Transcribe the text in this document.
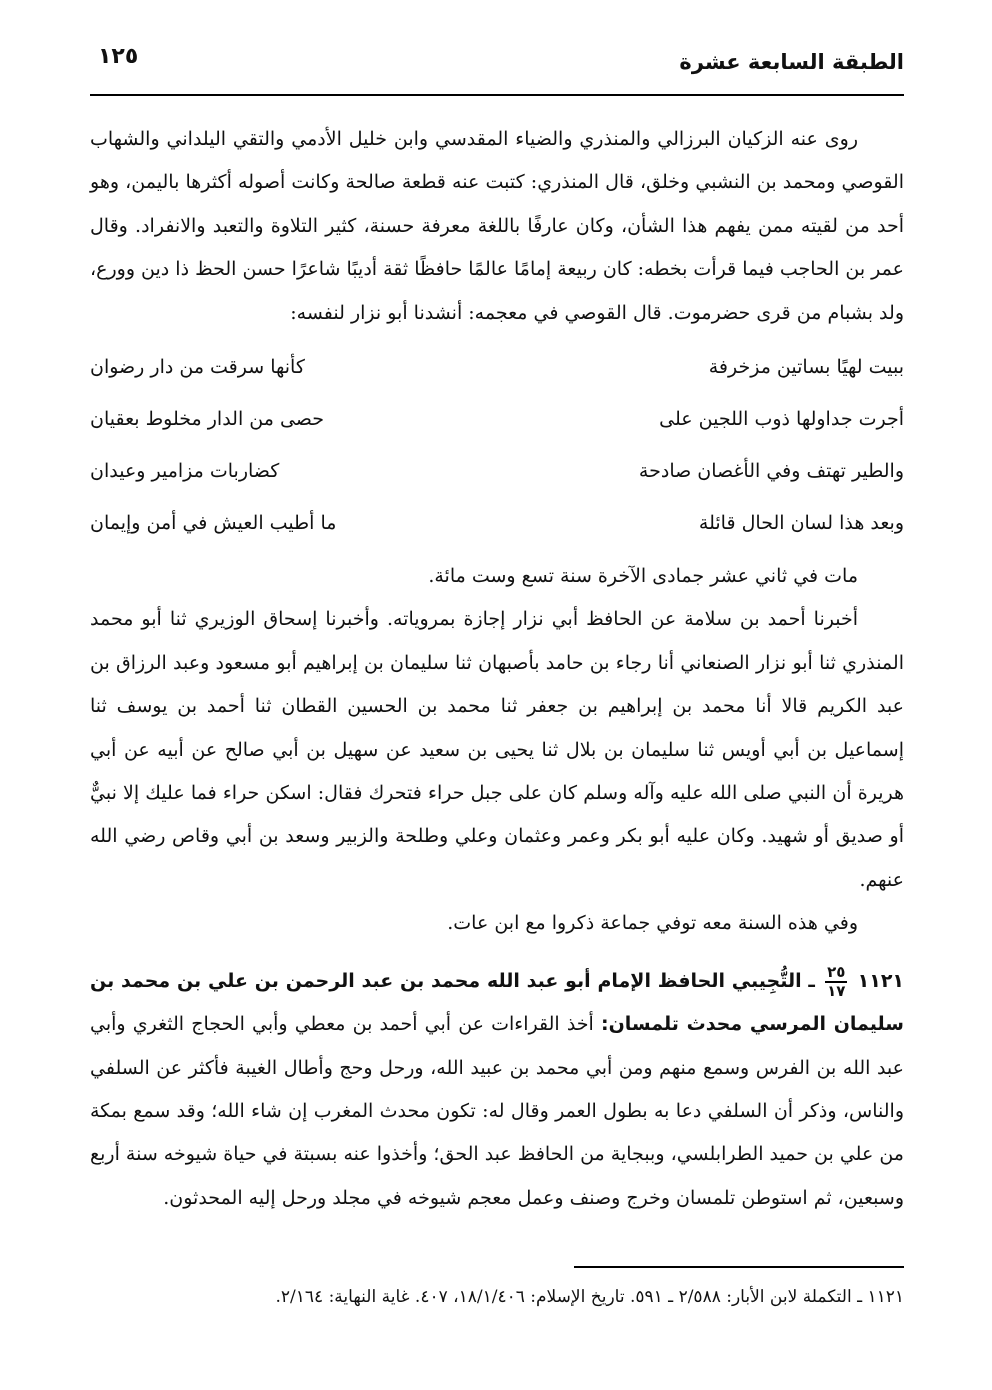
الطبقة السابعة عشرة
١٢٥

روى عنه الزكيان البرزالي والمنذري والضياء المقدسي وابن خليل الأدمي والتقي اليلداني والشهاب القوصي ومحمد بن النشبي وخلق، قال المنذري: كتبت عنه قطعة صالحة وكانت أصوله أكثرها باليمن، وهو أحد من لقيته ممن يفهم هذا الشأن، وكان عارفًا باللغة معرفة حسنة، كثير التلاوة والتعبد والانفراد. وقال عمر بن الحاجب فيما قرأت بخطه: كان ربيعة إمامًا عالمًا حافظًا ثقة أديبًا شاعرًا حسن الحظ ذا دين وورع، ولد بشبام من قرى حضرموت. قال القوصي في معجمه: أنشدنا أبو نزار لنفسه:

ببيت لهيًا بساتين مزخرفة
كأنها سرقت من دار رضوان
أجرت جداولها ذوب اللجين على
حصى من الدار مخلوط بعقيان
والطير تهتف وفي الأغصان صادحة
كضاربات مزامير وعيدان
وبعد هذا لسان الحال قائلة
ما أطيب العيش في أمن وإيمان

مات في ثاني عشر جمادى الآخرة سنة تسع وست مائة.

أخبرنا أحمد بن سلامة عن الحافظ أبي نزار إجازة بمروياته. وأخبرنا إسحاق الوزيري ثنا أبو محمد المنذري ثنا أبو نزار الصنعاني أنا رجاء بن حامد بأصبهان ثنا سليمان بن إبراهيم أبو مسعود وعبد الرزاق بن عبد الكريم قالا أنا محمد بن إبراهيم بن جعفر ثنا محمد بن الحسين القطان ثنا أحمد بن يوسف ثنا إسماعيل بن أبي أويس ثنا سليمان بن بلال ثنا يحيى بن سعيد عن سهيل بن أبي صالح عن أبيه عن أبي هريرة أن النبي صلى الله عليه وآله وسلم كان على جبل حراء فتحرك فقال: اسكن حراء فما عليك إلا نبيٌّ أو صديق أو شهيد. وكان عليه أبو بكر وعمر وعثمان وعلي وطلحة والزبير وسعد بن أبي وقاص رضي الله عنهم.

وفي هذه السنة معه توفي جماعة ذكروا مع ابن عات.

١١٢١
$\frac{٢٥}{١٧}$
ـ التُّجِيبي الحافظ الإمام أبو عبد الله محمد بن عبد الرحمن بن علي بن محمد بن سليمان المرسي محدث تلمسان: أخذ القراءات عن أبي أحمد بن معطي وأبي الحجاج الثغري وأبي عبد الله بن الفرس وسمع منهم ومن أبي محمد بن عبيد الله، ورحل وحج وأطال الغيبة فأكثر عن السلفي والناس، وذكر أن السلفي دعا به بطول العمر وقال له: تكون محدث المغرب إن شاء الله؛ وقد سمع بمكة من علي بن حميد الطرابلسي، وببجاية من الحافظ عبد الحق؛ وأخذوا عنه بسبتة في حياة شيوخه سنة أربع وسبعين، ثم استوطن تلمسان وخرج وصنف وعمل معجم شيوخه في مجلد ورحل إليه المحدثون.

١١٢١ ـ التكملة لابن الأبار: ٢/٥٨٨ ـ ٥٩١. تاريخ الإسلام: ١٨/١/٤٠٦، ٤٠٧. غاية النهاية: ٢/١٦٤.
